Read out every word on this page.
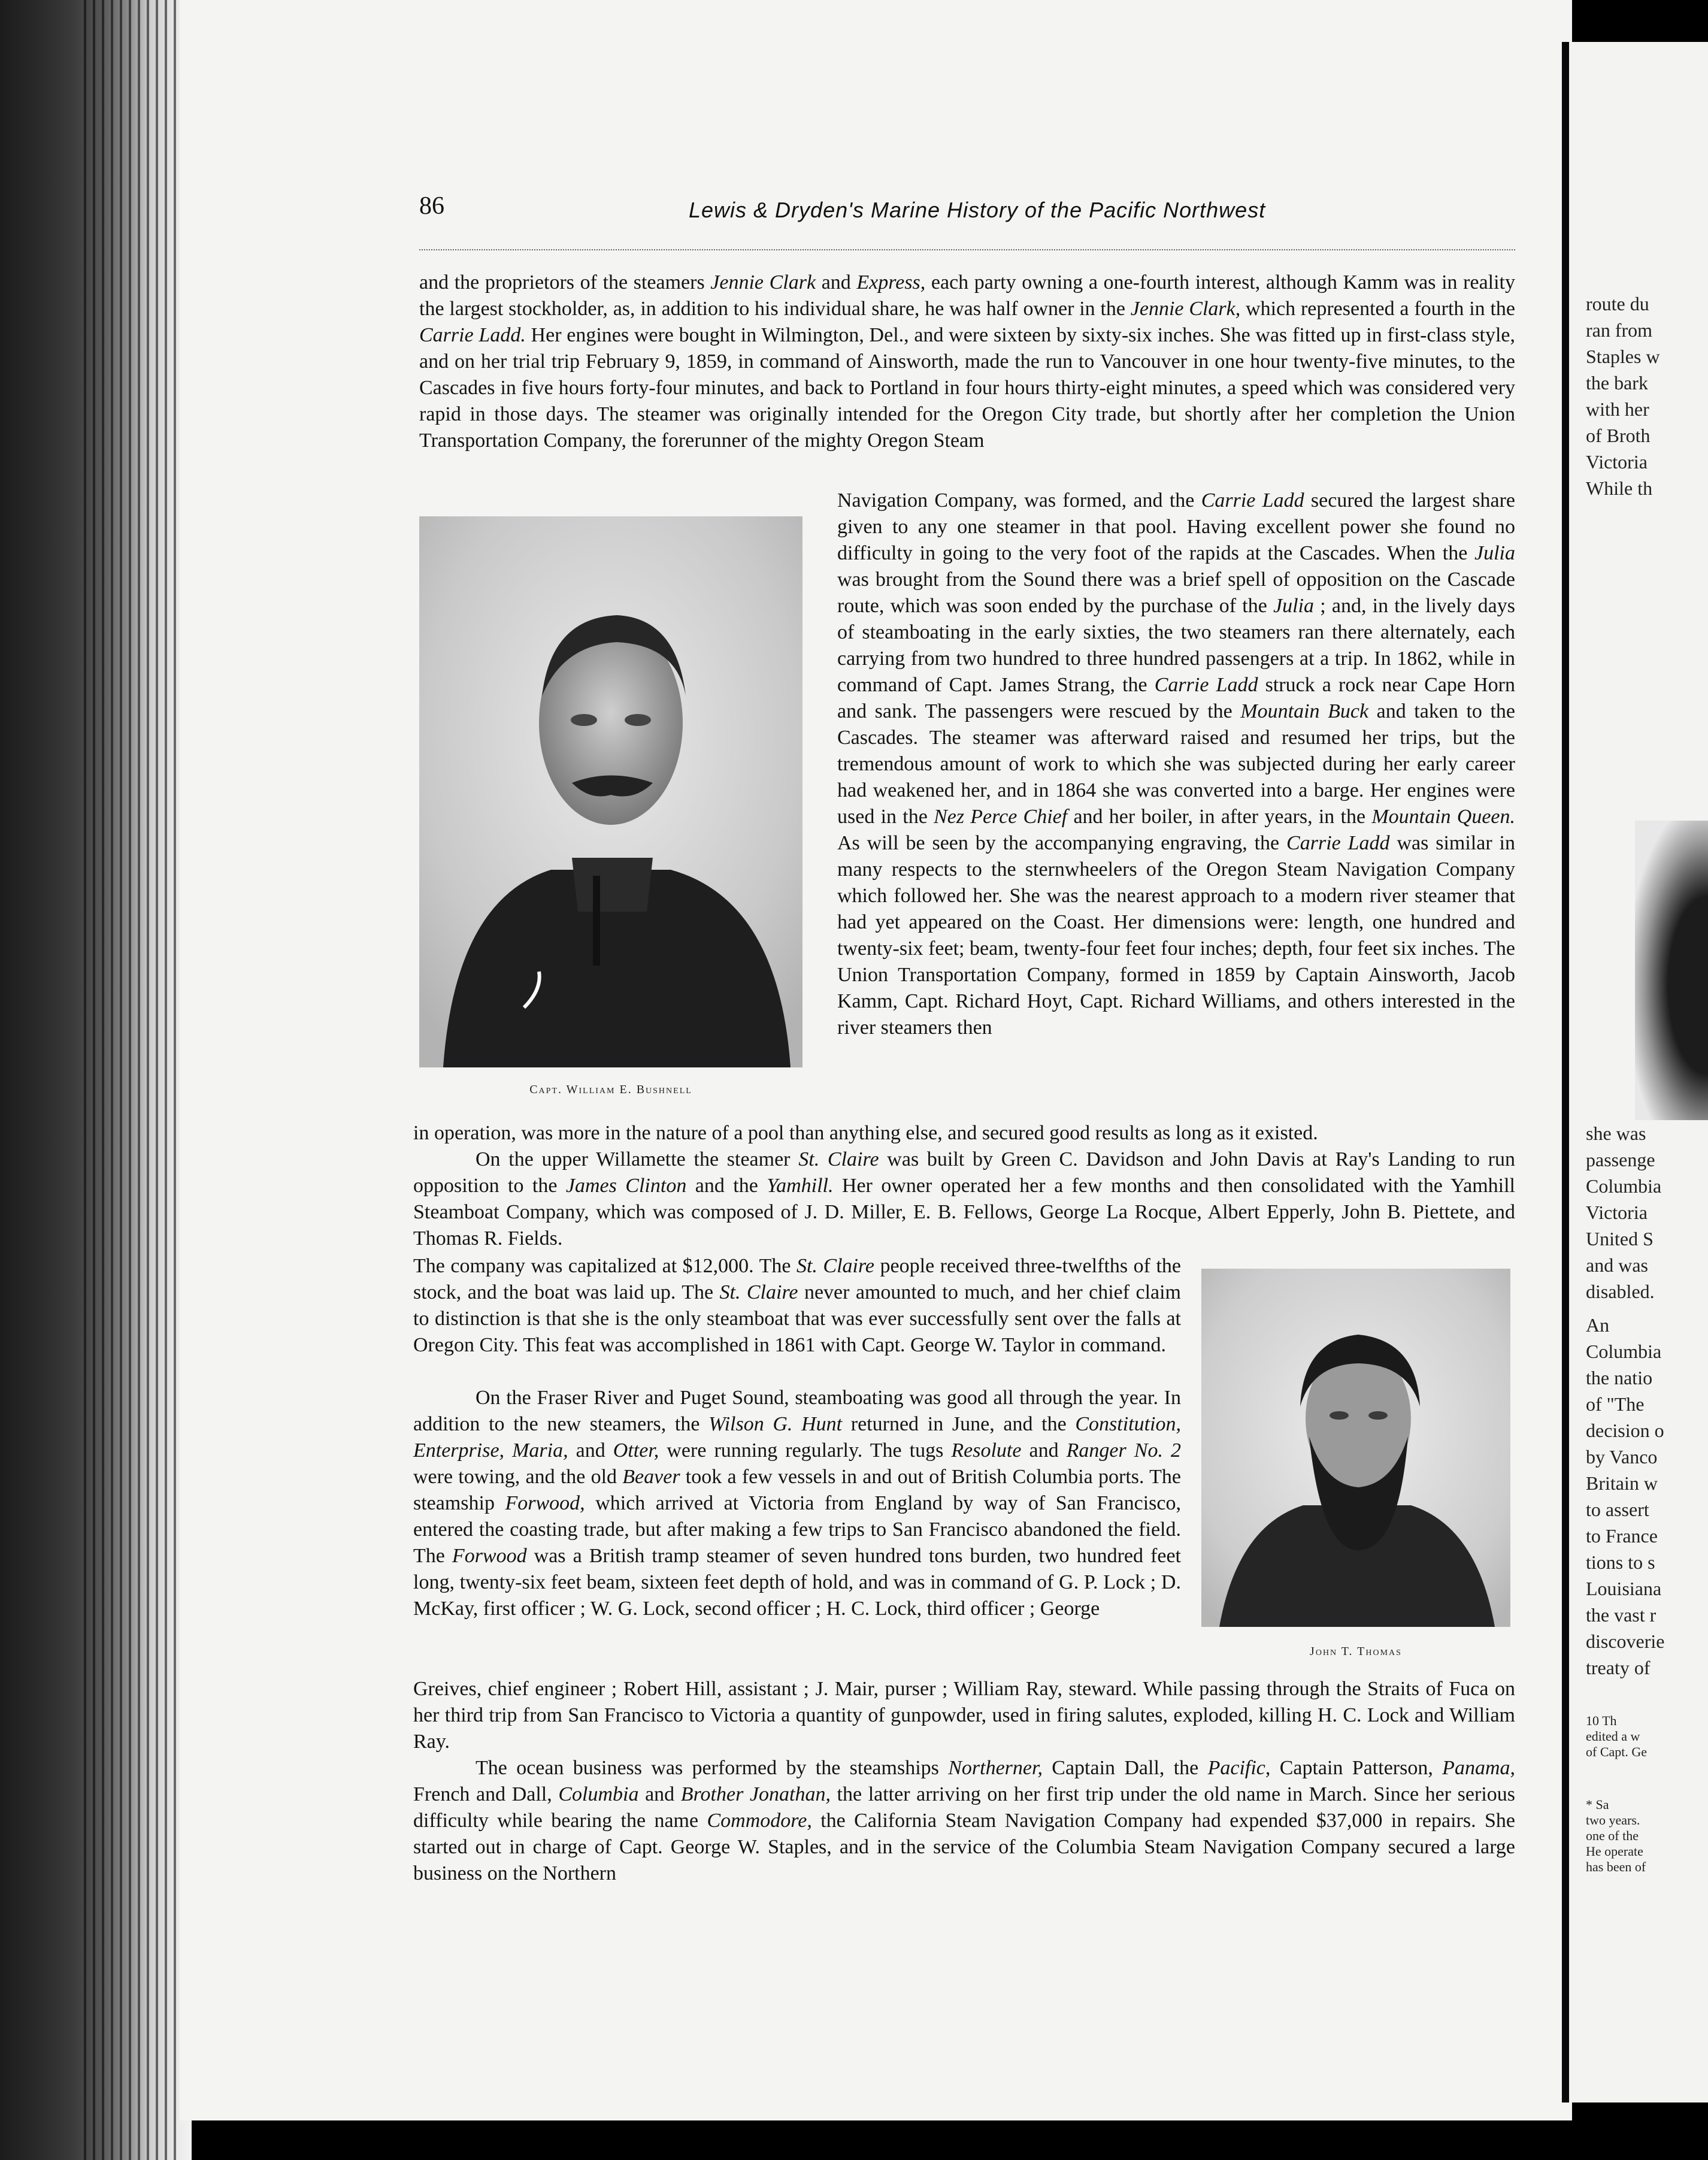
86	Lewis & Dryden's Marine History of the Pacific Northwest

and the proprietors of the steamers Jennie Clark and Express, each party owning a one-fourth interest, although Kamm was in reality the largest stockholder, as, in addition to his individual share, he was half owner in the Jennie Clark, which represented a fourth in the Carrie Ladd. Her engines were bought in Wilmington, Del., and were sixteen by sixty-six inches. She was fitted up in first-class style, and on her trial trip February 9, 1859, in command of Ainsworth, made the run to Vancouver in one hour twenty-five minutes, to the Cascades in five hours forty-four minutes, and back to Portland in four hours thirty-eight minutes, a speed which was considered very rapid in those days. The steamer was originally intended for the Oregon City trade, but shortly after her completion the Union Transportation Company, the forerunner of the mighty Oregon Steam

Capt. William E. Bushnell

Navigation Company, was formed, and the Carrie Ladd secured the largest share given to any one steamer in that pool. Having excellent power she found no difficulty in going to the very foot of the rapids at the Cascades. When the Julia was brought from the Sound there was a brief spell of opposition on the Cascade route, which was soon ended by the purchase of the Julia ; and, in the lively days of steamboating in the early sixties, the two steamers ran there alternately, each carrying from two hundred to three hundred passengers at a trip. In 1862, while in command of Capt. James Strang, the Carrie Ladd struck a rock near Cape Horn and sank. The passengers were rescued by the Mountain Buck and taken to the Cascades. The steamer was afterward raised and resumed her trips, but the tremendous amount of work to which she was subjected during her early career had weakened her, and in 1864 she was converted into a barge. Her engines were used in the Nez Perce Chief and her boiler, in after years, in the Mountain Queen. As will be seen by the accompanying engraving, the Carrie Ladd was similar in many respects to the sternwheelers of the Oregon Steam Navigation Company which followed her. She was the nearest approach to a modern river steamer that had yet appeared on the Coast. Her dimensions were: length, one hundred and twenty-six feet; beam, twenty-four feet four inches; depth, four feet six inches. The Union Transportation Company, formed in 1859 by Captain Ainsworth, Jacob Kamm, Capt. Richard Hoyt, Capt. Richard Williams, and others interested in the river steamers then

in operation, was more in the nature of a pool than anything else, and secured good results as long as it existed.

On the upper Willamette the steamer St. Claire was built by Green C. Davidson and John Davis at Ray's Landing to run opposition to the James Clinton and the Yamhill. Her owner operated her a few months and then consolidated with the Yamhill Steamboat Company, which was composed of J. D. Miller, E. B. Fellows, George La Rocque, Albert Epperly, John B. Piettete, and Thomas R. Fields.

John T. Thomas

The company was capitalized at $12,000. The St. Claire people received three-twelfths of the stock, and the boat was laid up. The St. Claire never amounted to much, and her chief claim to distinction is that she is the only steamboat that was ever successfully sent over the falls at Oregon City. This feat was accomplished in 1861 with Capt. George W. Taylor in command.

On the Fraser River and Puget Sound, steamboating was good all through the year. In addition to the new steamers, the Wilson G. Hunt returned in June, and the Constitution, Enterprise, Maria, and Otter, were running regularly. The tugs Resolute and Ranger No. 2 were towing, and the old Beaver took a few vessels in and out of British Columbia ports. The steamship Forwood, which arrived at Victoria from England by way of San Francisco, entered the coasting trade, but after making a few trips to San Francisco abandoned the field. The Forwood was a British tramp steamer of seven hundred tons burden, two hundred feet long, twenty-six feet beam, sixteen feet depth of hold, and was in command of G. P. Lock ; D. McKay, first officer ; W. G. Lock, second officer ; H. C. Lock, third officer ; George

Greives, chief engineer ; Robert Hill, assistant ; J. Mair, purser ; William Ray, steward. While passing through the Straits of Fuca on her third trip from San Francisco to Victoria a quantity of gunpowder, used in firing salutes, exploded, killing H. C. Lock and William Ray.

The ocean business was performed by the steamships Northerner, Captain Dall, the Pacific, Captain Patterson, Panama, French and Dall, Columbia and Brother Jonathan, the latter arriving on her first trip under the old name in March. Since her serious difficulty while bearing the name Commodore, the California Steam Navigation Company had expended $37,000 in repairs. She started out in charge of Capt. George W. Staples, and in the service of the Columbia Steam Navigation Company secured a large business on the Northern

route du
ran from
Staples w
the bark
with her
of Broth
Victoria
While th
she was
passenge
Columbia
Victoria
United S
and was
disabled.
An
Columbia
the natio
of "The
decision o
by Vanco
Britain w
to assert
to France
tions to s
Louisiana
the vast r
discoverie
treaty of
10 Th
edited a w
of Capt. Ge
* Sa
two years.
one of the
He operate
has been of
